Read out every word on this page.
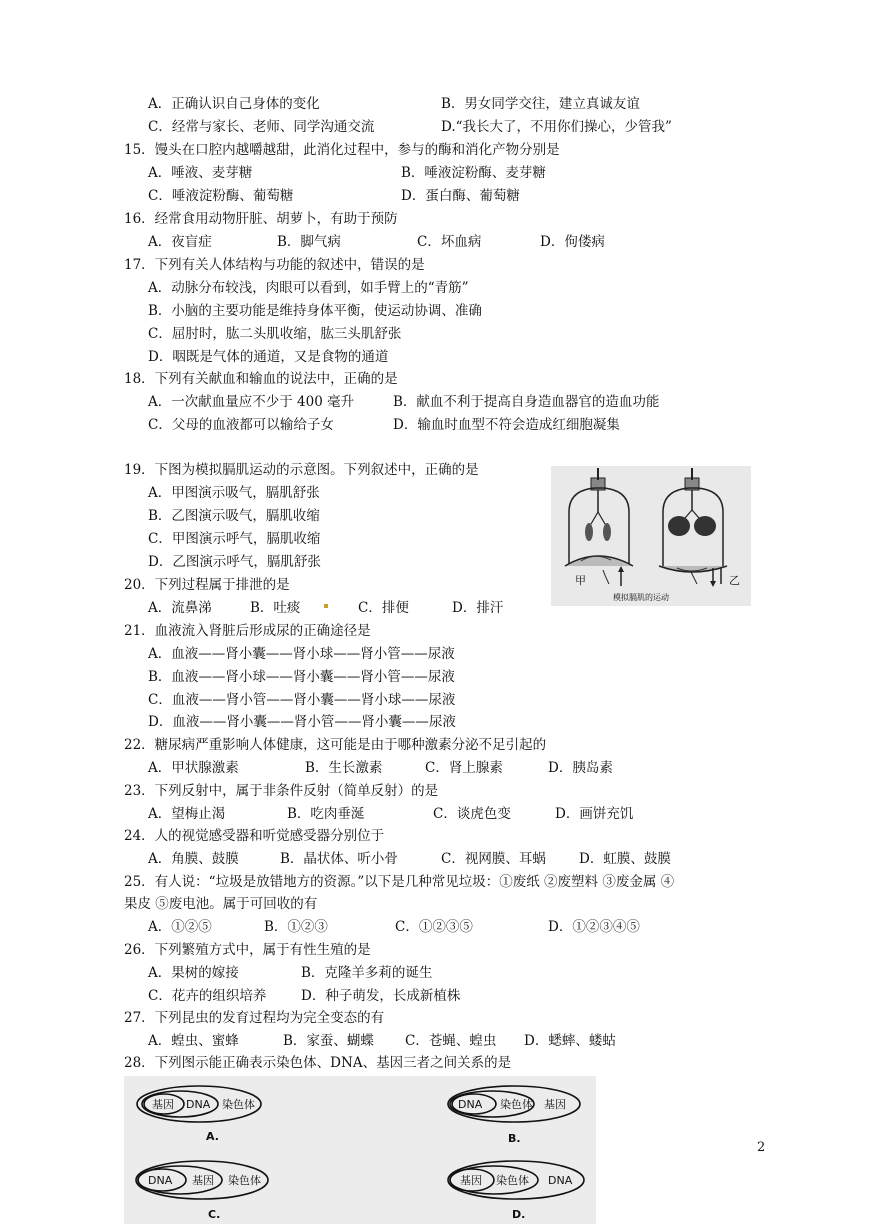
A．正确认识自己身体的变化	B．男女同学交往，建立真诚友谊
C．经常与家长、老师、同学沟通交流	D.“我长大了，不用你们操心，少管我”
15．馒头在口腔内越嚼越甜，此消化过程中，参与的酶和消化产物分别是
A．唾液、麦芽糖	B．唾液淀粉酶、麦芽糖
C．唾液淀粉酶、葡萄糖	D．蛋白酶、葡萄糖
16．经常食用动物肝脏、胡萝卜，有助于预防
A．夜盲症	B．脚气病	C．坏血病	D．佝偻病
17．下列有关人体结构与功能的叙述中，错误的是
A．动脉分布较浅，肉眼可以看到，如手臂上的“青筋”
B．小脑的主要功能是维持身体平衡，使运动协调、准确
C．屈肘时，肱二头肌收缩，肱三头肌舒张
D．咽既是气体的通道，又是食物的通道
18．下列有关献血和输血的说法中，正确的是
A．一次献血量应不少于 400 毫升	B．献血不利于提高自身造血器官的造血功能
C．父母的血液都可以输给子女	D．输血时血型不符会造成红细胞凝集
19．下图为模拟膈肌运动的示意图。下列叙述中，正确的是
A．甲图演示吸气，膈肌舒张
B．乙图演示吸气，膈肌收缩
C．甲图演示呼气，膈肌收缩
D．乙图演示呼气，膈肌舒张
甲	乙
模拟膈肌的运动
20．下列过程属于排泄的是
A．流鼻涕	B．吐痰	C．排便	D．排汗
21．血液流入肾脏后形成尿的正确途径是
A．血液——肾小囊——肾小球——肾小管——尿液
B．血液——肾小球——肾小囊——肾小管——尿液
C．血液——肾小管——肾小囊——肾小球——尿液
D．血液——肾小囊——肾小管——肾小囊——尿液
22．糖尿病严重影响人体健康，这可能是由于哪种激素分泌不足引起的
A．甲状腺激素	B．生长激素	C．肾上腺素	D．胰岛素
23．下列反射中，属于非条件反射（简单反射）的是
A．望梅止渴	B．吃肉垂涎	C．谈虎色变	D．画饼充饥
24．人的视觉感受器和听觉感受器分别位于
A．角膜、鼓膜	B．晶状体、听小骨	C．视网膜、耳蜗 D．虹膜、鼓膜
25．有人说：“垃圾是放错地方的资源。”以下是几种常见垃圾：①废纸 ②废塑料 ③废金属 ④
果皮 ⑤废电池。属于可回收的有
A．①②⑤	B．①②③	C．①②③⑤	D．①②③④⑤
26．下列繁殖方式中，属于有性生殖的是
A．果树的嫁接	B．克隆羊多莉的诞生
C．花卉的组织培养	D．种子萌发，长成新植株
27．下列昆虫的发育过程均为完全变态的有
A．蝗虫、蜜蜂	B．家蚕、蝴蝶 C．苍蝇、蝗虫 D．蟋蟀、蝼蛄
28．下列图示能正确表示染色体、DNA、基因三者之间关系的是
基因 DNA 染色体
A.
DNA 染色体 基因
B.
DNA 基因 染色体
C.
基因 染色体 DNA
D.
2
